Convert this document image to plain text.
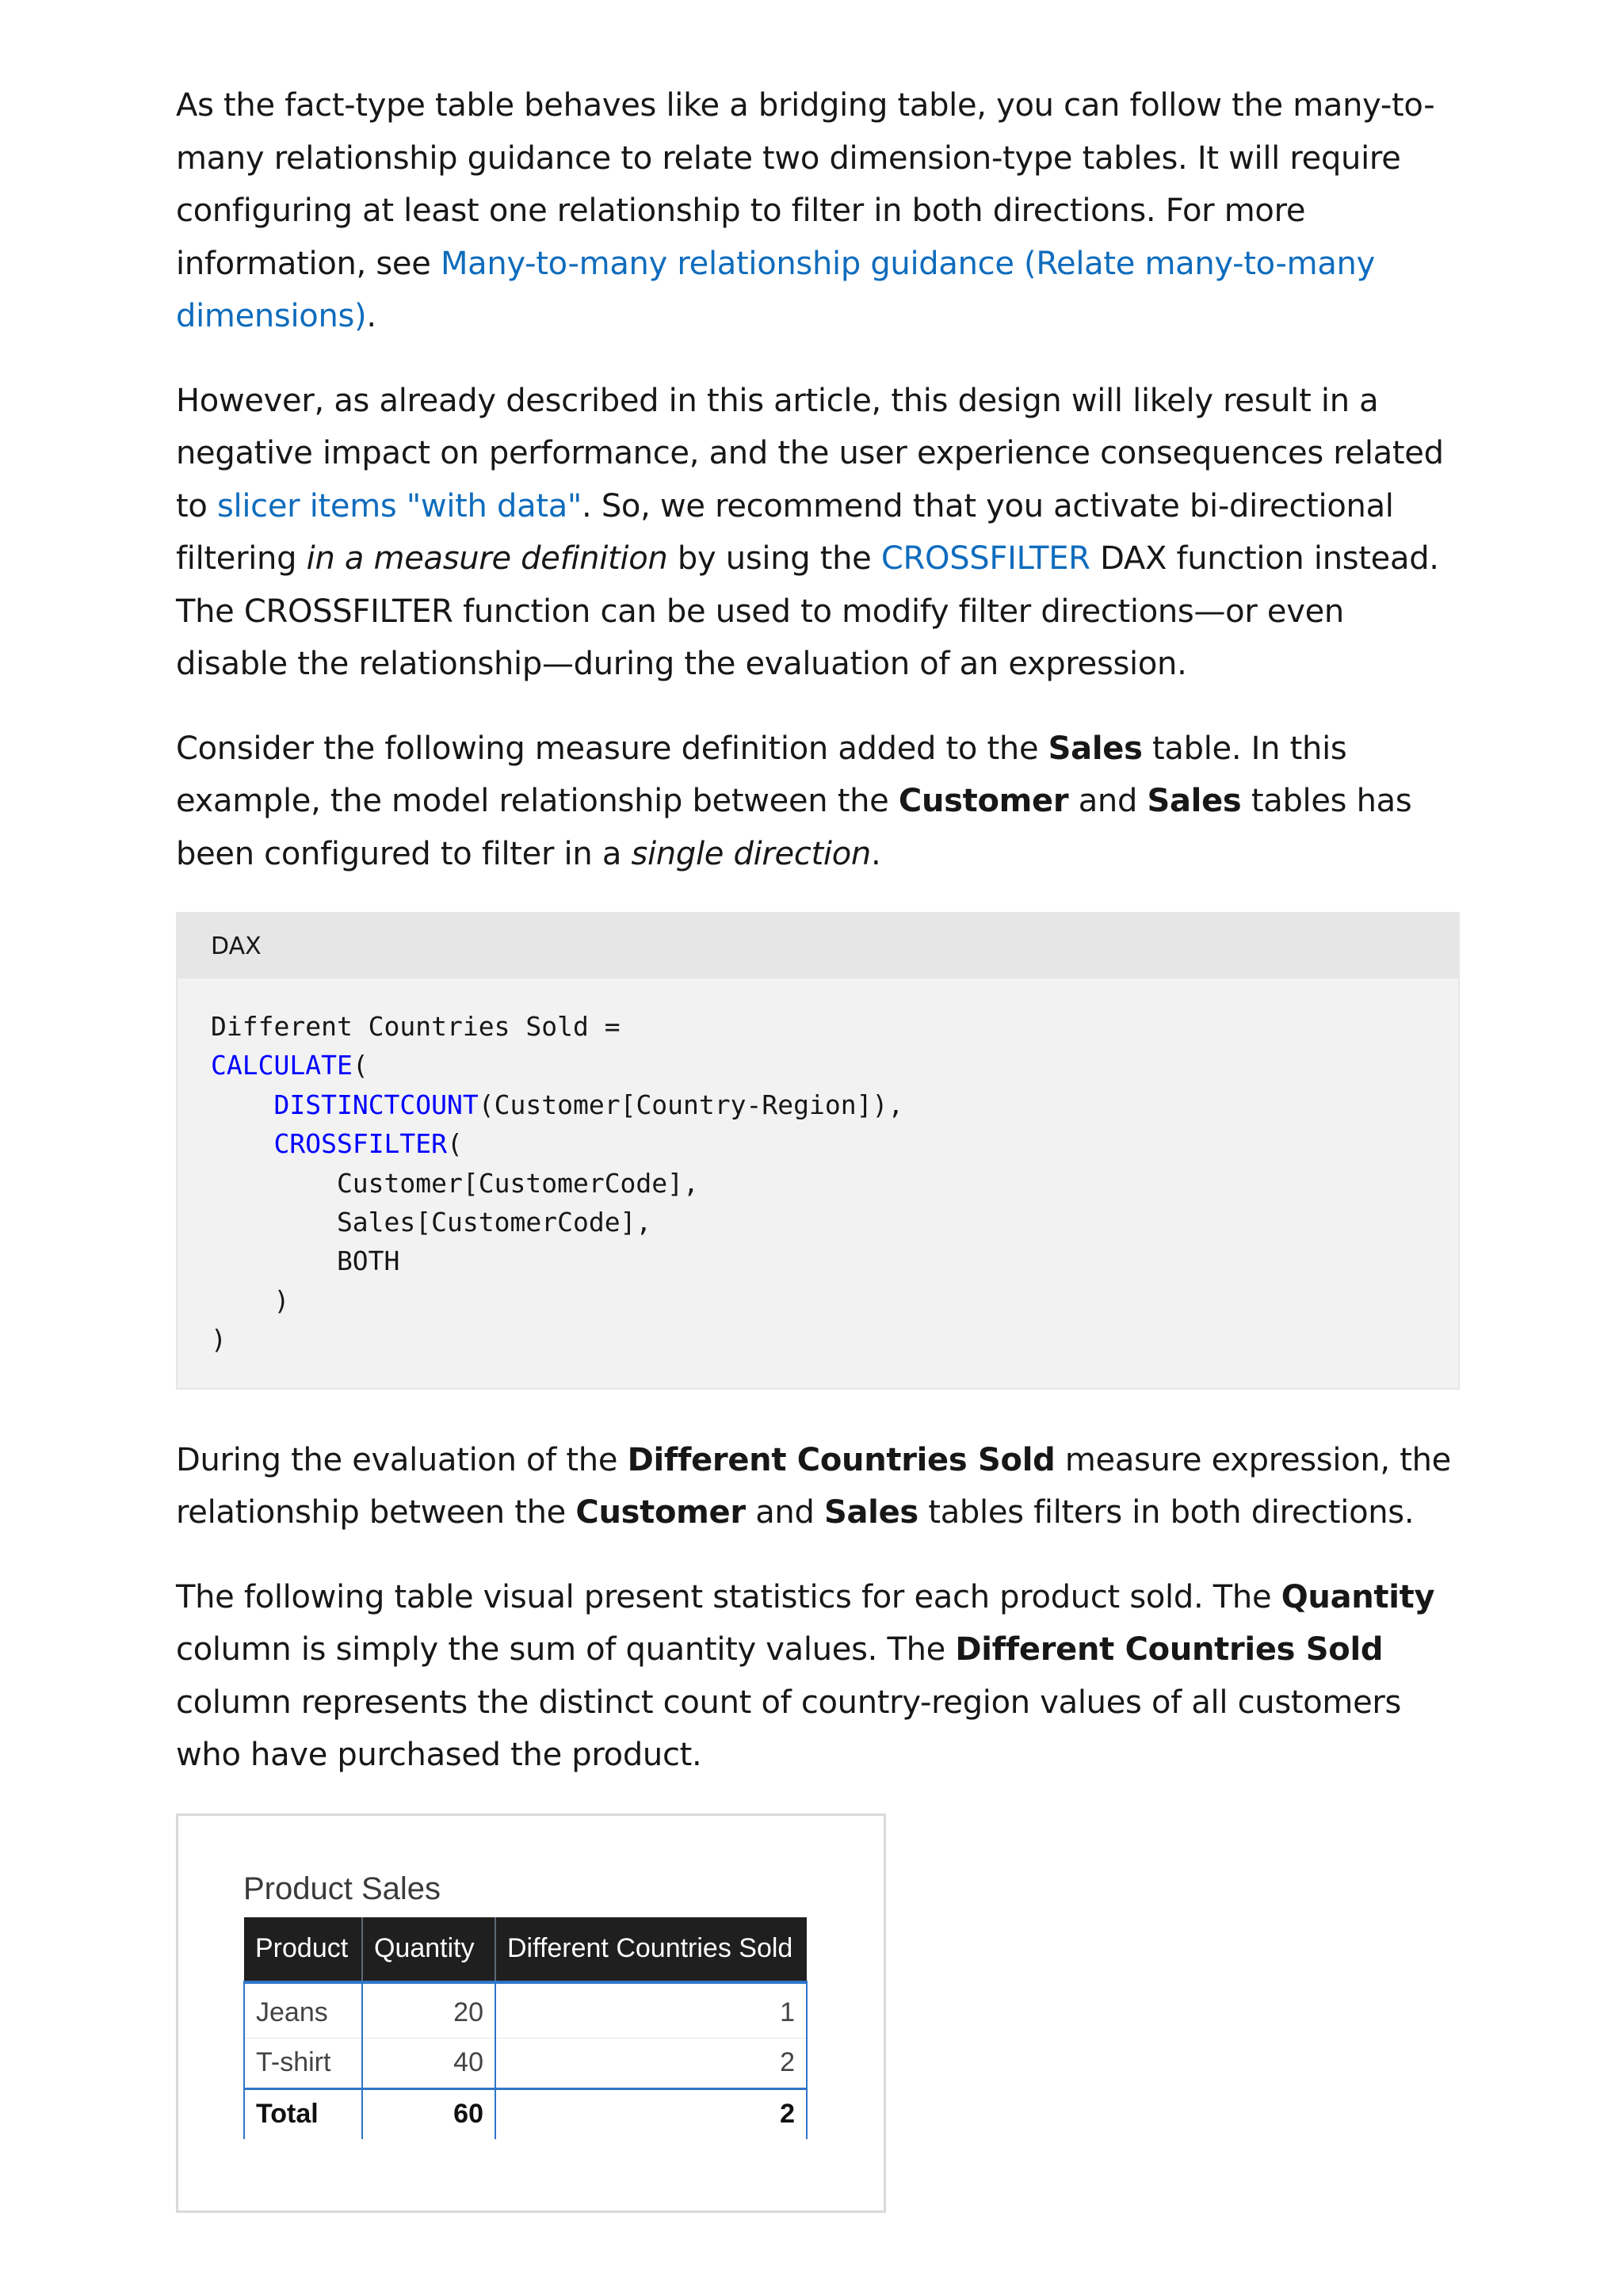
As the fact-type table behaves like a bridging table, you can follow the many-to-many relationship guidance to relate two dimension-type tables. It will require configuring at least one relationship to filter in both directions. For more information, see Many-to-many relationship guidance (Relate many-to-many dimensions).

However, as already described in this article, this design will likely result in a negative impact on performance, and the user experience consequences related to slicer items "with data". So, we recommend that you activate bi-directional filtering in a measure definition by using the CROSSFILTER DAX function instead. The CROSSFILTER function can be used to modify filter directions—or even disable the relationship—during the evaluation of an expression.

Consider the following measure definition added to the Sales table. In this example, the model relationship between the Customer and Sales tables has been configured to filter in a single direction.

DAX
Different Countries Sold =
CALCULATE(
DISTINCTCOUNT(Customer[Country-Region]),
CROSSFILTER(
Customer[CustomerCode],
Sales[CustomerCode],
BOTH
)
)

During the evaluation of the Different Countries Sold measure expression, the relationship between the Customer and Sales tables filters in both directions.

The following table visual present statistics for each product sold. The Quantity column is simply the sum of quantity values. The Different Countries Sold column represents the distinct count of country-region values of all customers who have purchased the product.

Product Sales
Product	Quantity	Different Countries Sold
Jeans	20	1
T-shirt	40	2
Total	60	2
